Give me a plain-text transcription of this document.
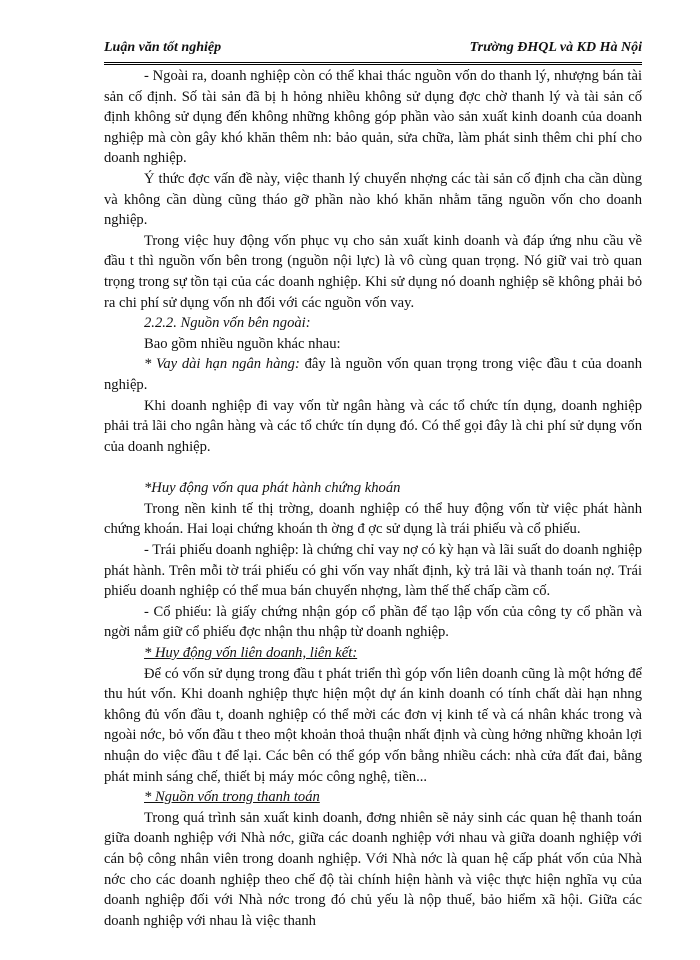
Luận văn tốt nghiệp	Trường ĐHQL và KD Hà Nội

- Ngoài ra, doanh nghiệp còn có thể khai thác nguồn vốn do thanh lý, nhượng bán tài sản cố định. Số tài sản đã bị h hỏng nhiều không sử dụng đợc chờ thanh lý và tài sản cố định không sử dụng đến không những không góp phần vào sản xuất kinh doanh của doanh nghiệp mà còn gây khó khăn thêm nh: bảo quản, sửa chữa, làm phát sinh thêm chi phí cho doanh nghiệp.

Ý thức đợc vấn đề này, việc thanh lý chuyển nhợng các tài sản cố định cha cần dùng và không cần dùng cũng tháo gỡ phần nào khó khăn nhằm tăng nguồn vốn cho doanh nghiệp.

Trong việc huy động vốn phục vụ cho sản xuất kinh doanh và đáp ứng nhu cầu về đầu t thì nguồn vốn bên trong (nguồn nội lực) là vô cùng quan trọng. Nó giữ vai trò quan trọng trong sự tồn tại của các doanh nghiệp. Khi sử dụng nó doanh nghiệp sẽ không phải bỏ ra chi phí sử dụng vốn nh đối với các nguồn vốn vay.

2.2.2. Nguồn vốn bên ngoài:

Bao gồm nhiều nguồn khác nhau:

* Vay dài hạn ngân hàng: đây là nguồn vốn quan trọng trong việc đầu t của doanh nghiệp.

Khi doanh nghiệp đi vay vốn từ ngân hàng và các tổ chức tín dụng, doanh nghiệp phải trả lãi cho ngân hàng và các tổ chức tín dụng đó. Có thể gọi đây là chi phí sử dụng vốn của doanh nghiệp.

*Huy động vốn qua phát hành chứng khoán

Trong nền kinh tế thị trờng, doanh nghiệp có thể huy động vốn từ việc phát hành chứng khoán. Hai loại chứng khoán th ờng đ ợc sử dụng là trái phiếu và cổ phiếu.

- Trái phiếu doanh nghiệp: là chứng chỉ vay nợ có kỳ hạn và lãi suất do doanh nghiệp phát hành. Trên mỗi tờ trái phiếu có ghi vốn vay nhất định, kỳ trả lãi và thanh toán nợ. Trái phiếu doanh nghiệp có thể mua bán chuyển nhợng, làm thế thế chấp cầm cố.

- Cổ phiếu: là giấy chứng nhận góp cổ phần để tạo lập vốn của công ty cổ phần và ngời nắm giữ cổ phiếu đợc nhận thu nhập từ doanh nghiệp.

* Huy động vốn liên doanh, liên kết:

Để có vốn sử dụng trong đầu t phát triển thì góp vốn liên doanh cũng là một hớng để thu hút vốn. Khi doanh nghiệp thực hiện một dự án kinh doanh có tính chất dài hạn nhng không đủ vốn đầu t, doanh nghiệp có thể mời các đơn vị kinh tế và cá nhân khác trong và ngoài nớc, bỏ vốn đầu t theo một khoản thoả thuận nhất định và cùng hởng những khoản lợi nhuận do việc đầu t để lại. Các bên có thể góp vốn bằng nhiều cách: nhà cửa đất đai, bằng phát minh sáng chế, thiết bị máy móc công nghệ, tiền...

* Nguồn vốn trong thanh toán

Trong quá trình sản xuất kinh doanh, đơng nhiên sẽ nảy sinh các quan hệ thanh toán giữa doanh nghiệp với Nhà nớc, giữa các doanh nghiệp với nhau và giữa doanh nghiệp với cán bộ công nhân viên trong doanh nghiệp. Với Nhà nớc là quan hệ cấp phát vốn của Nhà nớc cho các doanh nghiệp theo chế độ tài chính hiện hành và việc thực hiện nghĩa vụ của doanh nghiệp đối với Nhà nớc trong đó chủ yếu là nộp thuế, bảo hiểm xã hội. Giữa các doanh nghiệp với nhau là việc thanh
